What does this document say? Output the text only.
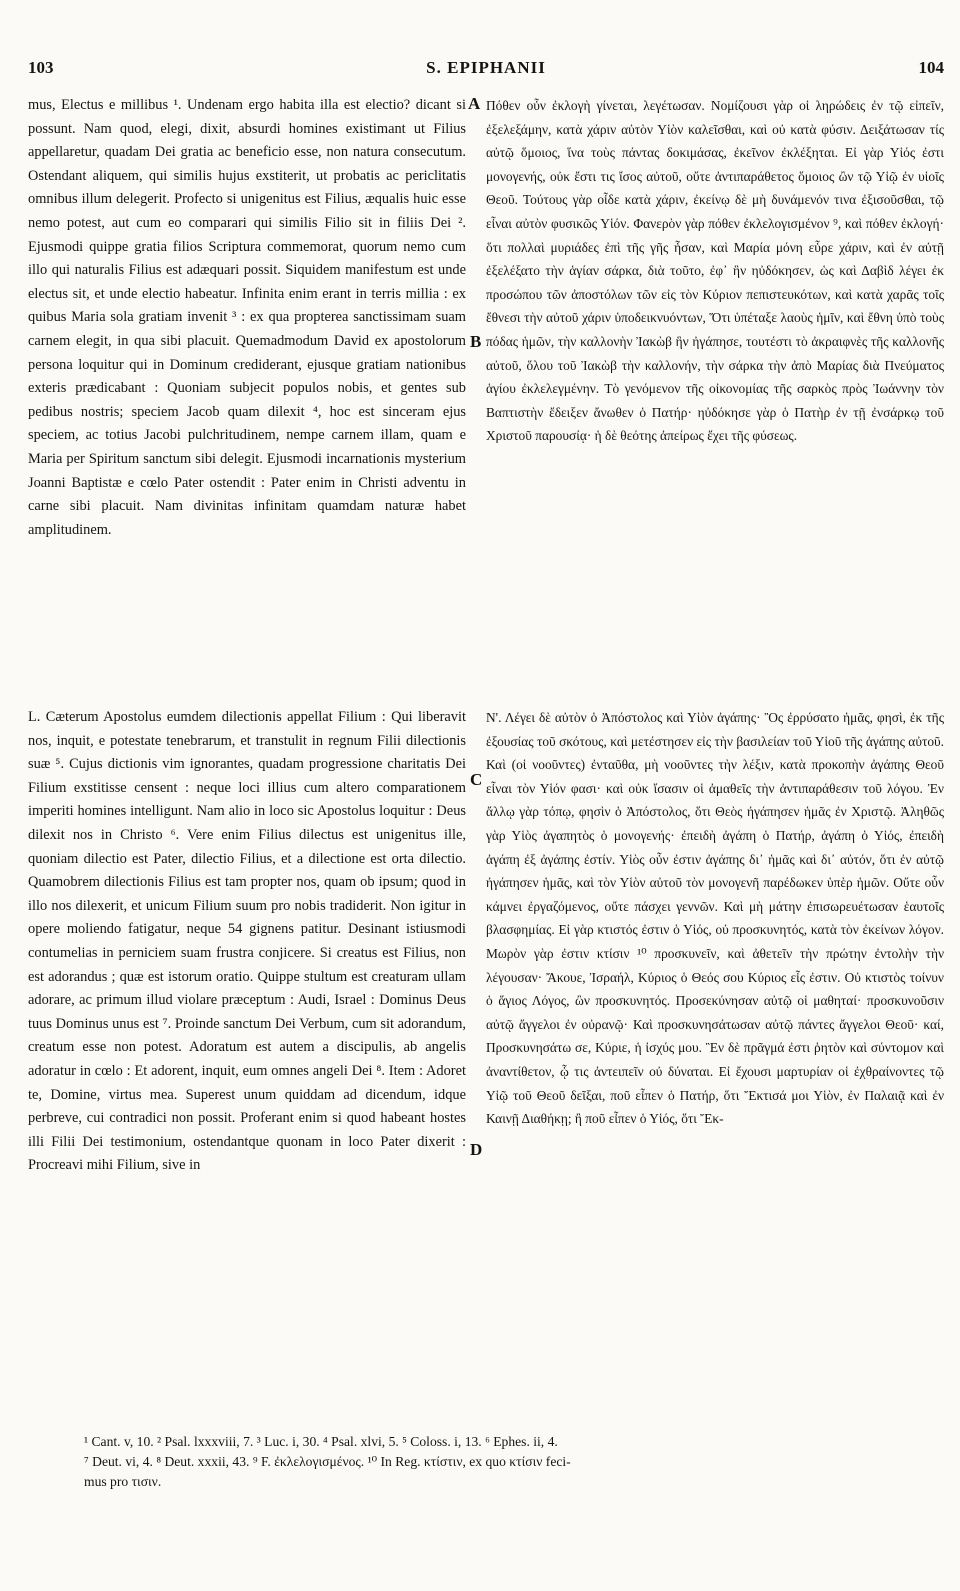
103	S. EPIPHANII	104

mus, Electus e millibus ¹. Undenam ergo habita illa est electio? dicant si possunt. Nam quod, elegi, dixit, absurdi homines existimant ut Filius appellaretur, quadam Dei gratia ac beneficio esse, non natura consecutum. Ostendant aliquem, qui similis hujus exstiterit, ut probatis ac periclitatis omnibus illum delegerit. Profecto si unigenitus est Filius, æqualis huic esse nemo potest, aut cum eo comparari qui similis Filio sit in filiis Dei ². Ejusmodi quippe gratia filios Scriptura commemorat, quorum nemo cum illo qui naturalis Filius est adæquari possit. Siquidem manifestum est unde electus sit, et unde electio habeatur. Infinita enim erant in terris millia : ex quibus Maria sola gratiam invenit ³ : ex qua propterea sanctissimam suam carnem elegit, in qua sibi placuit. Quemadmodum David ex apostolorum persona loquitur qui in Dominum crediderant, ejusque gratiam nationibus exteris prædicabant : Quoniam subjecit populos nobis, et gentes sub pedibus nostris; speciem Jacob quam dilexit ⁴, hoc est sinceram ejus speciem, ac totius Jacobi pulchritudinem, nempe carnem illam, quam e Maria per Spiritum sanctum sibi delegit. Ejusmodi incarnationis mysterium Joanni Baptistæ e cœlo Pater ostendit : Pater enim in Christi adventu in carne sibi placuit. Nam divinitas infinitam quamdam naturæ habet amplitudinem.

L. Cæterum Apostolus eumdem dilectionis appellat Filium : Qui liberavit nos, inquit, e potestate tenebrarum, et transtulit in regnum Filii dilectionis suæ ⁵. Cujus dictionis vim ignorantes, quadam progressione charitatis Dei Filium exstitisse censent : neque loci illius cum altero comparationem imperiti homines intelligunt. Nam alio in loco sic Apostolus loquitur : Deus dilexit nos in Christo ⁶. Vere enim Filius dilectus est unigenitus ille, quoniam dilectio est Pater, dilectio Filius, et a dilectione est orta dilectio. Quamobrem dilectionis Filius est tam propter nos, quam ob ipsum; quod in illo nos dilexerit, et unicum Filium suum pro nobis tradiderit. Non igitur in opere moliendo fatigatur, neque 54 gignens patitur. Desinant istiusmodi contumelias in perniciem suam frustra conjicere. Si creatus est Filius, non est adorandus ; quæ est istorum oratio. Quippe stultum est creaturam ullam adorare, ac primum illud violare præceptum : Audi, Israel : Dominus Deus tuus Dominus unus est ⁷. Proinde sanctum Dei Verbum, cum sit adorandum, creatum esse non potest. Adoratum est autem a discipulis, ab angelis adoratur in cœlo : Et adorent, inquit, eum omnes angeli Dei ⁸. Item : Adoret te, Domine, virtus mea. Superest unum quiddam ad dicendum, idque perbreve, cui contradici non possit. Proferant enim si quod habeant hostes illi Filii Dei testimonium, ostendantque quonam in loco Pater dixerit : Procreavi mihi Filium, sive in

A
B
C
D

Πόθεν οὖν ἐκλογὴ γίνεται, λεγέτωσαν. Νομίζουσι γὰρ οἱ ληρώδεις ἐν τῷ εἰπεῖν, ἐξελεξάμην, κατὰ χάριν αὐτὸν Υἱὸν καλεῖσθαι, καὶ οὐ κατὰ φύσιν. Δειξάτωσαν τίς αὐτῷ ὅμοιος, ἵνα τοὺς πάντας δοκιμάσας, ἐκεῖνον ἐκλέξηται. Εἰ γὰρ Υἱός ἐστι μονογενής, οὐκ ἔστι τις ἴσος αὐτοῦ, οὔτε ἀντιπαράθετος ὅμοιος ὢν τῷ Υἱῷ ἐν υἱοῖς Θεοῦ. Τούτους γὰρ οἶδε κατὰ χάριν, ἐκείνῳ δὲ μὴ δυνάμενόν τινα ἐξισοῦσθαι, τῷ εἶναι αὐτὸν φυσικῶς Υἱόν. Φανερὸν γὰρ πόθεν ἐκλελογισμένον ⁹, καὶ πόθεν ἐκλογή· ὅτι πολλαὶ μυριάδες ἐπὶ τῆς γῆς ἦσαν, καὶ Μαρία μόνη εὗρε χάριν, καὶ ἐν αὐτῇ ἐξελέξατο τὴν ἁγίαν σάρκα, διὰ τοῦτο, ἐφ᾽ ἣν ηὐδόκησεν, ὡς καὶ Δαβὶδ λέγει ἐκ προσώπου τῶν ἀποστόλων τῶν εἰς τὸν Κύριον πεπιστευκότων, καὶ κατὰ χαρᾶς τοῖς ἔθνεσι τὴν αὐτοῦ χάριν ὑποδεικνυόντων, Ὅτι ὑπέταξε λαοὺς ἡμῖν, καὶ ἔθνη ὑπὸ τοὺς πόδας ἡμῶν, τὴν καλλονὴν Ἰακὼβ ἣν ἠγάπησε, τουτέστι τὸ ἀκραιφνὲς τῆς καλλονῆς αὐτοῦ, ὅλου τοῦ Ἰακὼβ τὴν καλλονήν, τὴν σάρκα τὴν ἀπὸ Μαρίας διὰ Πνεύματος ἁγίου ἐκλελεγμένην. Τὸ γενόμενον τῆς οἰκονομίας τῆς σαρκὸς πρὸς Ἰωάννην τὸν Βαπτιστὴν ἔδειξεν ἄνωθεν ὁ Πατήρ· ηὐδόκησε γὰρ ὁ Πατὴρ ἐν τῇ ἐνσάρκῳ τοῦ Χριστοῦ παρουσίᾳ· ἡ δὲ θεότης ἀπείρως ἔχει τῆς φύσεως.

Ν'. Λέγει δὲ αὐτὸν ὁ Ἀπόστολος καὶ Υἱὸν ἀγάπης· Ὃς ἐρρύσατο ἡμᾶς, φησὶ, ἐκ τῆς ἐξουσίας τοῦ σκότους, καὶ μετέστησεν εἰς τὴν βασιλείαν τοῦ Υἱοῦ τῆς ἀγάπης αὐτοῦ. Καὶ (οἱ νοοῦντες) ἐνταῦθα, μὴ νοοῦντες τὴν λέξιν, κατὰ προκοπὴν ἀγάπης Θεοῦ εἶναι τὸν Υἱόν φασι· καὶ οὐκ ἴσασιν οἱ ἀμαθεῖς τὴν ἀντιπαράθεσιν τοῦ λόγου. Ἐν ἄλλῳ γὰρ τόπῳ, φησὶν ὁ Ἀπόστολος, ὅτι Θεὸς ἠγάπησεν ἡμᾶς ἐν Χριστῷ. Ἀληθῶς γὰρ Υἱὸς ἀγαπητὸς ὁ μονογενής· ἐπειδὴ ἀγάπη ὁ Πατήρ, ἀγάπη ὁ Υἱός, ἐπειδὴ ἀγάπη ἐξ ἀγάπης ἐστίν. Υἱὸς οὖν ἐστιν ἀγάπης δι᾽ ἡμᾶς καὶ δι᾽ αὐτόν, ὅτι ἐν αὐτῷ ἠγάπησεν ἡμᾶς, καὶ τὸν Υἱὸν αὐτοῦ τὸν μονογενῆ παρέδωκεν ὑπὲρ ἡμῶν. Οὔτε οὖν κάμνει ἐργαζόμενος, οὔτε πάσχει γεννῶν. Καὶ μὴ μάτην ἐπισωρευέτωσαν ἑαυτοῖς βλασφημίας. Εἰ γὰρ κτιστός ἐστιν ὁ Υἱός, οὐ προσκυνητός, κατὰ τὸν ἐκείνων λόγον. Μωρὸν γὰρ ἐστιν κτίσιν ¹⁰ προσκυνεῖν, καὶ ἀθετεῖν τὴν πρώτην ἐντολὴν τὴν λέγουσαν· Ἄκουε, Ἰσραήλ, Κύριος ὁ Θεός σου Κύριος εἷς ἐστιν. Οὐ κτιστὸς τοίνυν ὁ ἅγιος Λόγος, ὢν προσκυνητός. Προσεκύνησαν αὐτῷ οἱ μαθηταί· προσκυνοῦσιν αὐτῷ ἄγγελοι ἐν οὐρανῷ· Καὶ προσκυνησάτωσαν αὐτῷ πάντες ἄγγελοι Θεοῦ· καί, Προσκυνησάτω σε, Κύριε, ἡ ἰσχύς μου. Ἓν δὲ πρᾶγμά ἐστι ῥητὸν καὶ σύντομον καὶ ἀναντίθετον, ᾧ τις ἀντειπεῖν οὐ δύναται. Εἰ ἔχουσι μαρτυρίαν οἱ ἐχθραίνοντες τῷ Υἱῷ τοῦ Θεοῦ δεῖξαι, ποῦ εἶπεν ὁ Πατήρ, ὅτι Ἔκτισά μοι Υἱὸν, ἐν Παλαιᾷ καὶ ἐν Καινῇ Διαθήκῃ; ἢ ποῦ εἶπεν ὁ Υἱός, ὅτι Ἔκ-

¹ Cant. v, 10. ² Psal. lxxxviii, 7. ³ Luc. i, 30. ⁴ Psal. xlvi, 5. ⁵ Coloss. i, 13. ⁶ Ephes. ii, 4.
⁷ Deut. vi, 4. ⁸ Deut. xxxii, 43. ⁹ F. ἐκλελογισμένος. ¹⁰ In Reg. κτίστιν, ex quo κτίσιν feci-
mus pro τισιν.
